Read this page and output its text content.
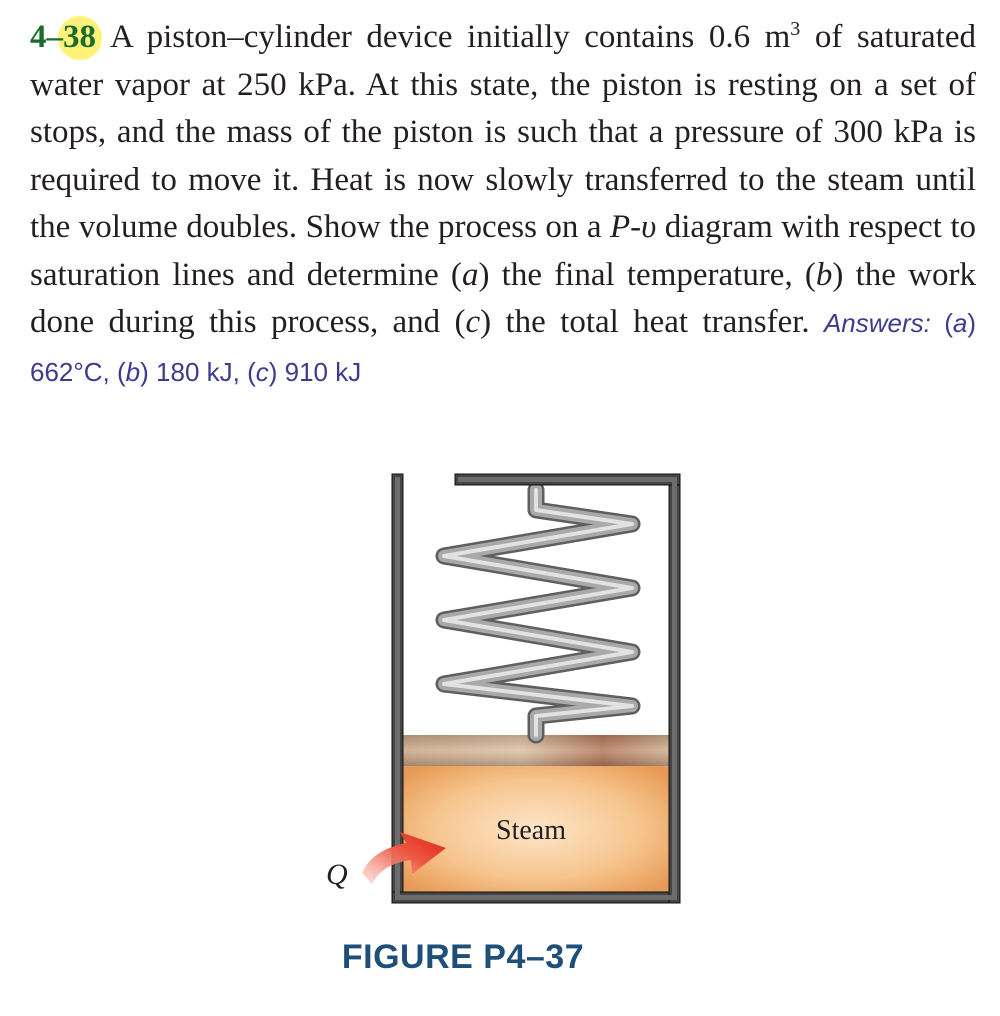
4–38 A piston–cylinder device initially contains 0.6 $m^3$ of saturated water vapor at 250 kPa. At this state, the piston is resting on a set of stops, and the mass of the piston is such that a pressure of 300 kPa is required to move it. Heat is now slowly transferred to the steam until the volume doubles. Show the process on a P-υ diagram with respect to saturation lines and determine (a) the final temperature, (b) the work done during this process, and (c) the total heat transfer. Answers: (a) 662°C, (b) 180 kJ, (c) 910 kJ
Q
Steam
FIGURE P4–37
